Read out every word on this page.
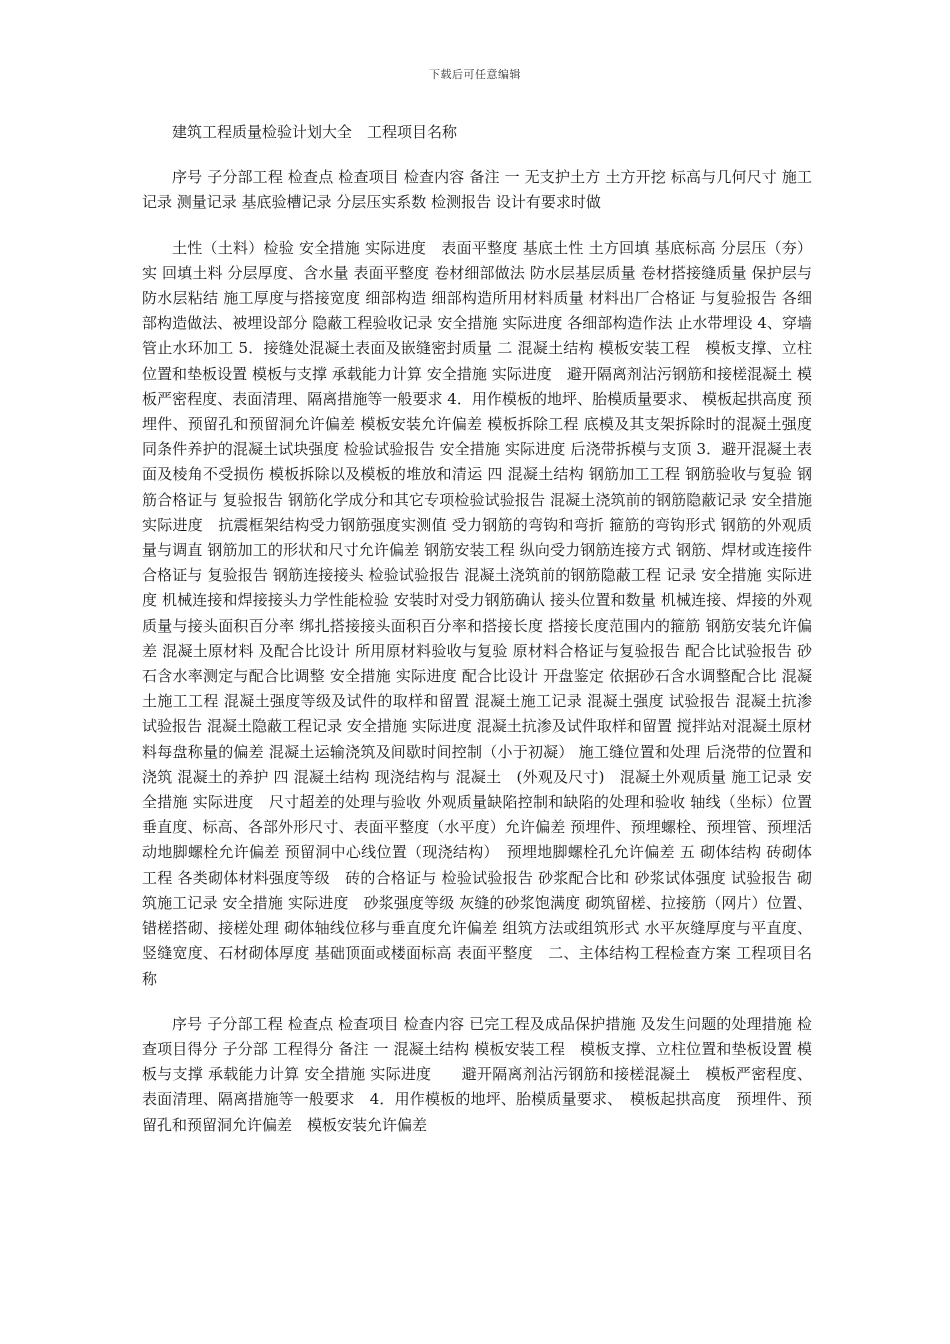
下载后可任意编辑

建筑工程质量检验计划大全　工程项目名称

序号 子分部工程 检查点 检查项目 检查内容 备注 一 无支护土方 土方开挖 标高与几何尺寸 施工记录 测量记录 基底验槽记录 分层压实系数 检测报告 设计有要求时做

土性（土料）检验 安全措施 实际进度　表面平整度 基底土性 土方回填 基底标高 分层压（夯）实 回填土料 分层厚度、含水量 表面平整度 卷材细部做法 防水层基层质量 卷材搭接缝质量 保护层与防水层粘结 施工厚度与搭接宽度 细部构造 细部构造所用材料质量 材料出厂合格证 与复验报告 各细部构造做法、被埋设部分 隐蔽工程验收记录 安全措施 实际进度 各细部构造作法 止水带埋设 4、穿墙管止水环加工 5．接缝处混凝土表面及嵌缝密封质量 二 混凝土结构 模板安装工程　模板支撑、立柱位置和垫板设置 模板与支撑 承载能力计算 安全措施 实际进度　避开隔离剂沾污钢筋和接槎混凝土 模板严密程度、表面清理、隔离措施等一般要求 4．用作模板的地坪、胎模质量要求、 模板起拱高度 预埋件、预留孔和预留洞允许偏差 模板安装允许偏差 模板拆除工程 底模及其支架拆除时的混凝土强度 同条件养护的混凝土试块强度 检验试验报告 安全措施 实际进度 后浇带拆模与支顶 3．避开混凝土表面及棱角不受损伤 模板拆除以及模板的堆放和清运 四 混凝土结构 钢筋加工工程 钢筋验收与复验 钢筋合格证与 复验报告 钢筋化学成分和其它专项检验试验报告 混凝土浇筑前的钢筋隐蔽记录 安全措施 实际进度　抗震框架结构受力钢筋强度实测值 受力钢筋的弯钩和弯折 箍筋的弯钩形式 钢筋的外观质量与调直 钢筋加工的形状和尺寸允许偏差 钢筋安装工程 纵向受力钢筋连接方式 钢筋、焊材或连接件合格证与 复验报告 钢筋连接接头 检验试验报告 混凝土浇筑前的钢筋隐蔽工程 记录 安全措施 实际进度 机械连接和焊接接头力学性能检验 安装时对受力钢筋确认 接头位置和数量 机械连接、焊接的外观质量与接头面积百分率 绑扎搭接接头面积百分率和搭接长度 搭接长度范围内的箍筋 钢筋安装允许偏差 混凝土原材料 及配合比设计 所用原材料验收与复验 原材料合格证与复验报告 配合比试验报告 砂石含水率测定与配合比调整 安全措施 实际进度 配合比设计 开盘鉴定 依据砂石含水调整配合比 混凝土施工工程 混凝土强度等级及试件的取样和留置 混凝土施工记录 混凝土强度 试验报告 混凝土抗渗 试验报告 混凝土隐蔽工程记录 安全措施 实际进度 混凝土抗渗及试件取样和留置 搅拌站对混凝土原材料每盘称量的偏差 混凝土运输浇筑及间歇时间控制（小于初凝） 施工缝位置和处理 后浇带的位置和浇筑 混凝土的养护 四 混凝土结构 现浇结构与 混凝土　(外观及尺寸)　混凝土外观质量 施工记录 安全措施 实际进度　尺寸超差的处理与验收 外观质量缺陷控制和缺陷的处理和验收 轴线（坐标）位置 垂直度、标高、各部外形尺寸、表面平整度（水平度）允许偏差 预埋件、预埋螺栓、预埋管、预埋活动地脚螺栓允许偏差 预留洞中心线位置（现浇结构）　预埋地脚螺栓孔允许偏差 五 砌体结构 砖砌体工程 各类砌体材料强度等级　砖的合格证与 检验试验报告 砂浆配合比和 砂浆试体强度 试验报告 砌筑施工记录 安全措施 实际进度　砂浆强度等级 灰缝的砂浆饱满度 砌筑留槎、拉接筋（网片）位置、错槎搭砌、接槎处理 砌体轴线位移与垂直度允许偏差 组筑方法或组筑形式 水平灰缝厚度与平直度、竖缝宽度、石材砌体厚度 基础顶面或楼面标高 表面平整度　二、主体结构工程检查方案 工程项目名称

序号 子分部工程 检查点 检查项目 检查内容 已完工程及成品保护措施 及发生问题的处理措施 检查项目得分 子分部 工程得分 备注 一 混凝土结构 模板安装工程　模板支撑、立柱位置和垫板设置 模板与支撑 承载能力计算 安全措施 实际进度　　避开隔离剂沾污钢筋和接槎混凝土　模板严密程度、表面清理、隔离措施等一般要求　4．用作模板的地坪、胎模质量要求、　模板起拱高度　预埋件、预留孔和预留洞允许偏差　模板安装允许偏差
